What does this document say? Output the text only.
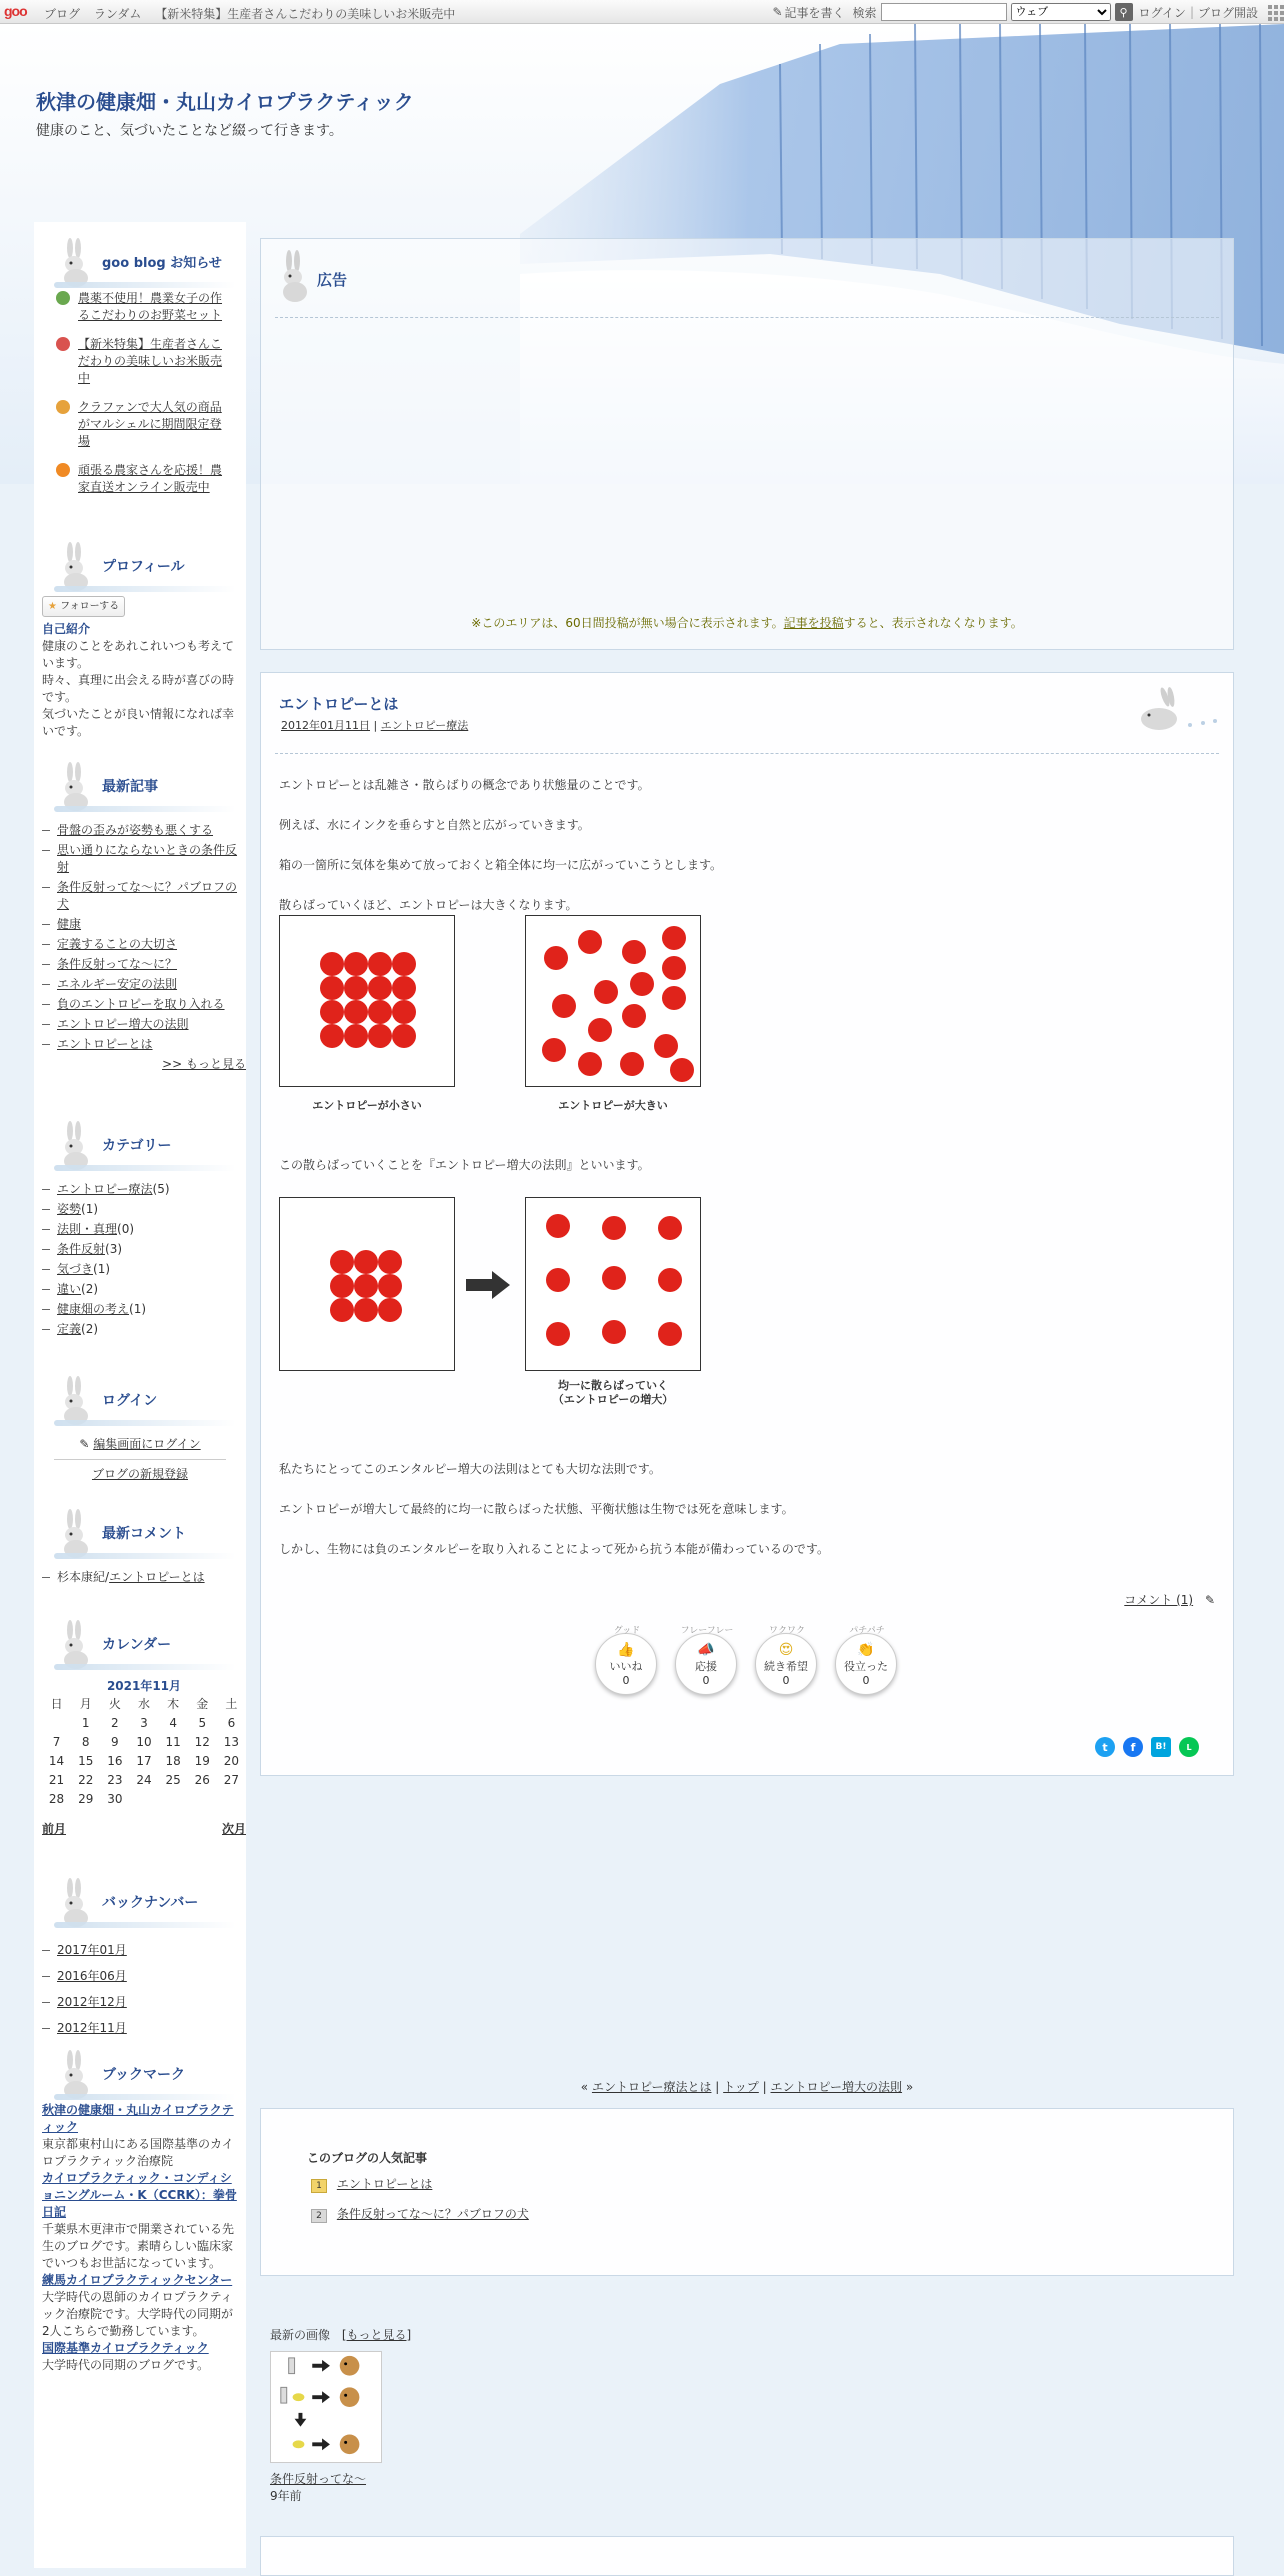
goo ブログ ランダム 【新米特集】生産者さんこだわりの美味しいお米販売中	✎ 記事を書く 検索
ウェブ	⚲ ログイン | ブログ開設
秋津の健康畑・丸山カイロプラクティック
健康のこと、気づいたことなど綴って行きます。
goo blog お知らせ
農薬不使用！農業女子の作るこだわりのお野菜セット
【新米特集】生産者さんこだわりの美味しいお米販売中
クラファンで大人気の商品がマルシェルに期間限定登場
頑張る農家さんを応援！農家直送オンライン販売中
プロフィール
★ フォローする
自己紹介
健康のことをあれこれいつも考えています。
時々、真理に出会える時が喜びの時です。
気づいたことが良い情報になれば幸いです。
最新記事
骨盤の歪みが姿勢も悪くする
思い通りにならないときの条件反射
条件反射ってな～に？パブロフの犬
健康
定義することの大切さ
条件反射ってな～に？
エネルギー安定の法則
負のエントロピーを取り入れる
エントロピー増大の法則
エントロピーとは
>> もっと見る
カテゴリー
エントロピー療法(5)
姿勢(1)
法則・真理(0)
条件反射(3)
気づき(1)
違い(2)
健康畑の考え(1)
定義(2)
ログイン
✎ 編集画面にログイン
ブログの新規登録
最新コメント
杉本康紀/エントロピーとは
カレンダー
2021年11月
日	月	火	水	木	金	土
	1	2	3	4	5	6
7	8	9	10	11	12	13
14	15	16	17	18	19	20
21	22	23	24	25	26	27
28	29	30				
前月	次月
バックナンバー
2017年01月
2016年06月
2012年12月
2012年11月
ブックマーク
秋津の健康畑・丸山カイロプラクティック
東京都東村山にある国際基準のカイロプラクティック治療院
カイロプラクティック・コンディショニングルーム・K（CCRK）：拳骨日記
千葉県木更津市で開業されている先生のブログです。素晴らしい臨床家でいつもお世話になっています。
練馬カイロプラクティックセンター
大学時代の恩師のカイロプラクティック治療院です。大学時代の同期が2人こちらで勤務しています。
国際基準カイロプラクティック
大学時代の同期のブログです。
広告
※このエリアは、60日間投稿が無い場合に表示されます。記事を投稿すると、表示されなくなります。
エントロピーとは
2012年01月11日 | エントロピー療法

エントロピーとは乱雑さ・散らばりの概念であり状態量のことです。

例えば、水にインクを垂らすと自然と広がっていきます。

箱の一箇所に気体を集めて放っておくと箱全体に均一に広がっていこうとします。

散らばっていくほど、エントロピーは大きくなります。

エントロピーが小さい	エントロピーが大きい

この散らばっていくことを『エントロピー増大の法則』といいます。

均一に散らばっていく
（エントロピーの増大）

私たちにとってこのエンタルピー増大の法則はとても大切な法則です。

エントロピーが増大して最終的に均一に散らばった状態、平衡状態は生物では死を意味します。

しかし、生物には負のエンタルピーを取り入れることによって死から抗う本能が備わっているのです。

コメント (1) ✎
グッド
👍
いいね
0
フレーフレー
📣
応援
0
ワクワク
😍
続き希望
0
パチパチ
👏
役立った
0
t	f	B!	L
« エントロピー療法とは | トップ | エントロピー増大の法則 »
このブログの人気記事
1 エントロピーとは
2 条件反射ってな～に？パブロフの犬
最新の画像 [もっと見る]
条件反射ってな～
9年前
